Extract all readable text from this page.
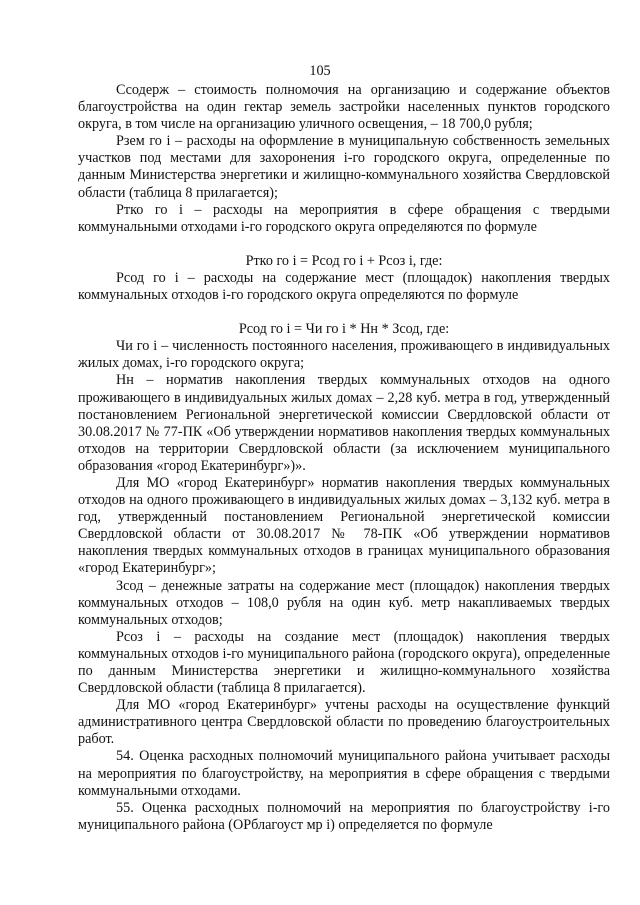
105

Ссодерж – стоимость полномочия на организацию и содержание объектов благоустройства на один гектар земель застройки населенных пунктов городского округа, в том числе на организацию уличного освещения, – 18 700,0 рубля;

Рзем го i – расходы на оформление в муниципальную собственность земельных участков под местами для захоронения i-го городского округа, определенные по данным Министерства энергетики и жилищно-коммунального хозяйства Свердловской области (таблица 8 прилагается);

Ртко го i – расходы на мероприятия в сфере обращения с твердыми коммунальными отходами i-го городского округа определяются по формуле

Ртко го i = Рсод го i + Рсоз i, где:

Рсод го i – расходы на содержание мест (площадок) накопления твердых коммунальных отходов i-го городского округа определяются по формуле

Рсод го i = Чи го i * Нн * Зсод, где:

Чи го i – численность постоянного населения, проживающего в индивидуальных жилых домах, i-го городского округа;

Нн – норматив накопления твердых коммунальных отходов на одного проживающего в индивидуальных жилых домах – 2,28 куб. метра в год, утвержденный постановлением Региональной энергетической комиссии Свердловской области от 30.08.2017 № 77-ПК «Об утверждении нормативов накопления твердых коммунальных отходов на территории Свердловской области (за исключением муниципального образования «город Екатеринбург»)».

Для МО «город Екатеринбург» норматив накопления твердых коммунальных отходов на одного проживающего в индивидуальных жилых домах – 3,132 куб. метра в год, утвержденный постановлением Региональной энергетической комиссии Свердловской области от 30.08.2017 № 78-ПК «Об утверждении нормативов накопления твердых коммунальных отходов в границах муниципального образования «город Екатеринбург»;

Зсод – денежные затраты на содержание мест (площадок) накопления твердых коммунальных отходов – 108,0 рубля на один куб. метр накапливаемых твердых коммунальных отходов;

Рсоз i – расходы на создание мест (площадок) накопления твердых коммунальных отходов i-го муниципального района (городского округа), определенные по данным Министерства энергетики и жилищно-коммунального хозяйства Свердловской области (таблица 8 прилагается).

Для МО «город Екатеринбург» учтены расходы на осуществление функций административного центра Свердловской области по проведению благоустроительных работ.

54. Оценка расходных полномочий муниципального района учитывает расходы на мероприятия по благоустройству, на мероприятия в сфере обращения с твердыми коммунальными отходами.

55. Оценка расходных полномочий на мероприятия по благоустройству i-го муниципального района (ОРблагоуст мр i) определяется по формуле
